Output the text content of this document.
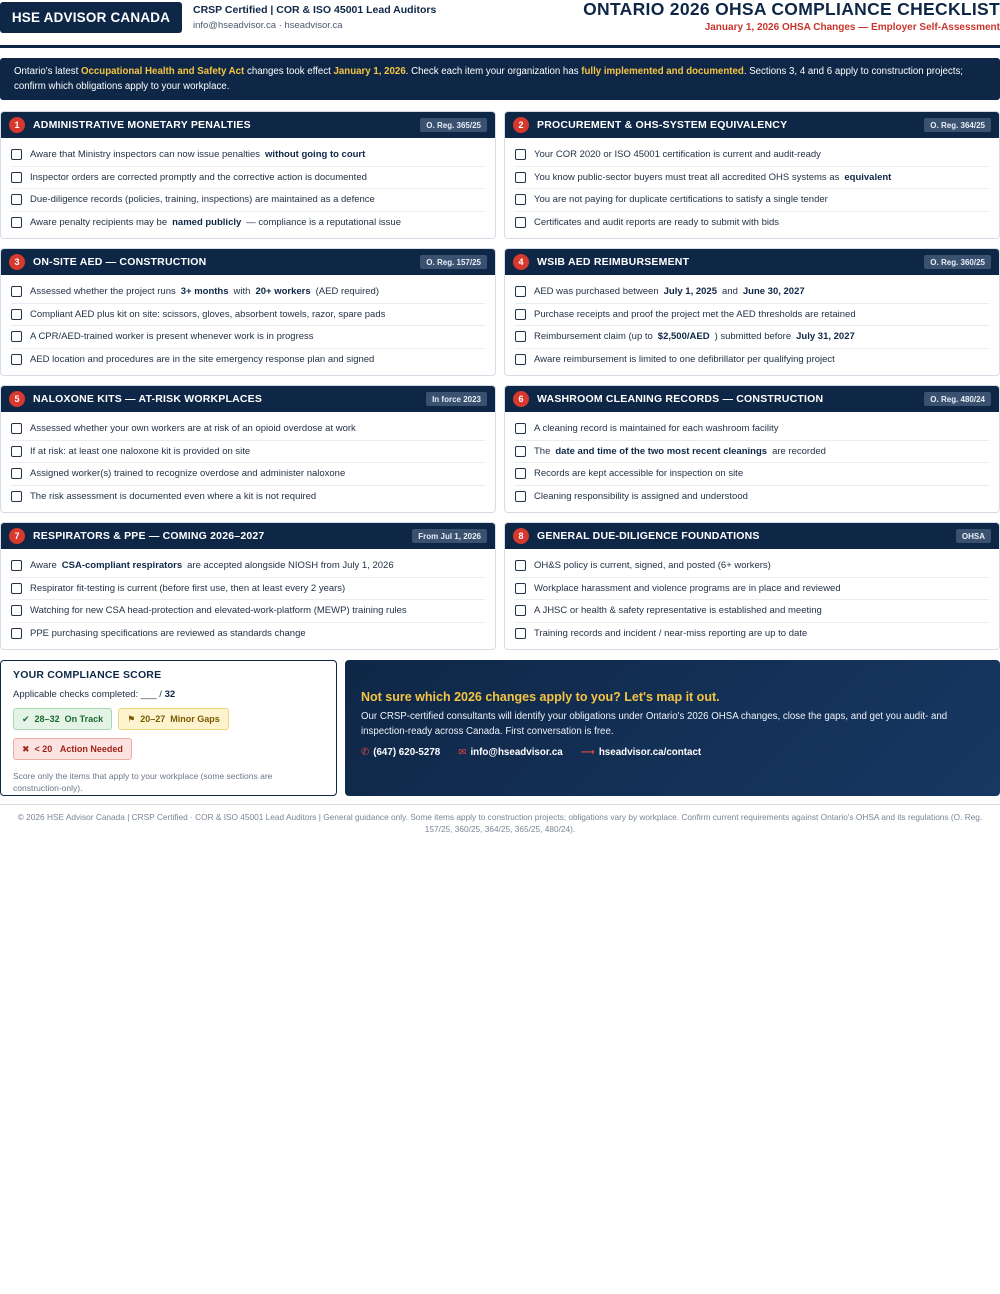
HSE ADVISOR CANADA	CRSP Certified | COR & ISO 45001 Lead Auditors
info@hseadvisor.ca · hseadvisor.ca
ONTARIO 2026 OHSA COMPLIANCE CHECKLIST
January 1, 2026 OHSA Changes — Employer Self-Assessment
Ontario's latest Occupational Health and Safety Act changes took effect January 1, 2026. Check each item your organization has fully implemented and documented. Sections 3, 4 and 6 apply to construction projects; confirm which obligations apply to your workplace.
1	ADMINISTRATIVE MONETARY PENALTIES	O. Reg. 365/25
Aware that Ministry inspectors can now issue penalties without going to court
Inspector orders are corrected promptly and the corrective action is documented
Due-diligence records (policies, training, inspections) are maintained as a defence
Aware penalty recipients may be named publicly — compliance is a reputational issue
2	PROCUREMENT & OHS-SYSTEM EQUIVALENCY	O. Reg. 364/25
Your COR 2020 or ISO 45001 certification is current and audit-ready
You know public-sector buyers must treat all accredited OHS systems as equivalent
You are not paying for duplicate certifications to satisfy a single tender
Certificates and audit reports are ready to submit with bids
3	ON-SITE AED — CONSTRUCTION	O. Reg. 157/25
Assessed whether the project runs 3+ months with 20+ workers (AED required)
Compliant AED plus kit on site: scissors, gloves, absorbent towels, razor, spare pads
A CPR/AED-trained worker is present whenever work is in progress
AED location and procedures are in the site emergency response plan and signed
4	WSIB AED REIMBURSEMENT	O. Reg. 360/25
AED was purchased between July 1, 2025 and June 30, 2027
Purchase receipts and proof the project met the AED thresholds are retained
Reimbursement claim (up to $2,500/AED ) submitted before July 31, 2027
Aware reimbursement is limited to one defibrillator per qualifying project
5	NALOXONE KITS — AT-RISK WORKPLACES	In force 2023
Assessed whether your own workers are at risk of an opioid overdose at work
If at risk: at least one naloxone kit is provided on site
Assigned worker(s) trained to recognize overdose and administer naloxone
The risk assessment is documented even where a kit is not required
6	WASHROOM CLEANING RECORDS — CONSTRUCTION	O. Reg. 480/24
A cleaning record is maintained for each washroom facility
The date and time of the two most recent cleanings are recorded
Records are kept accessible for inspection on site
Cleaning responsibility is assigned and understood
7	RESPIRATORS & PPE — COMING 2026–2027	From Jul 1, 2026
Aware CSA-compliant respirators are accepted alongside NIOSH from July 1, 2026
Respirator fit-testing is current (before first use, then at least every 2 years)
Watching for new CSA head-protection and elevated-work-platform (MEWP) training rules
PPE purchasing specifications are reviewed as standards change
8	GENERAL DUE-DILIGENCE FOUNDATIONS	OHSA
OH&S policy is current, signed, and posted (6+ workers)
Workplace harassment and violence programs are in place and reviewed
A JHSC or health & safety representative is established and meeting
Training records and incident / near-miss reporting are up to date
YOUR COMPLIANCE SCORE
Applicable checks completed: ___ / 32
✔ 28–32
On Track	⚑ 20–27
Minor Gaps
✖ < 20
Action Needed
Score only the items that apply to your workplace (some sections are construction-only).
Not sure which 2026 changes apply to you? Let's map it out.
Our CRSP-certified consultants will identify your obligations under Ontario's 2026 OHSA changes, close the gaps, and get you audit- and inspection-ready across Canada. First conversation is free.
✆ (647) 620-5278 ✉ info@hseadvisor.ca ⟶ hseadvisor.ca/contact
© 2026 HSE Advisor Canada | CRSP Certified · COR & ISO 45001 Lead Auditors | General guidance only. Some items apply to construction projects; obligations vary by workplace. Confirm current requirements against Ontario's OHSA and its regulations (O. Reg. 157/25, 360/25, 364/25, 365/25, 480/24).
